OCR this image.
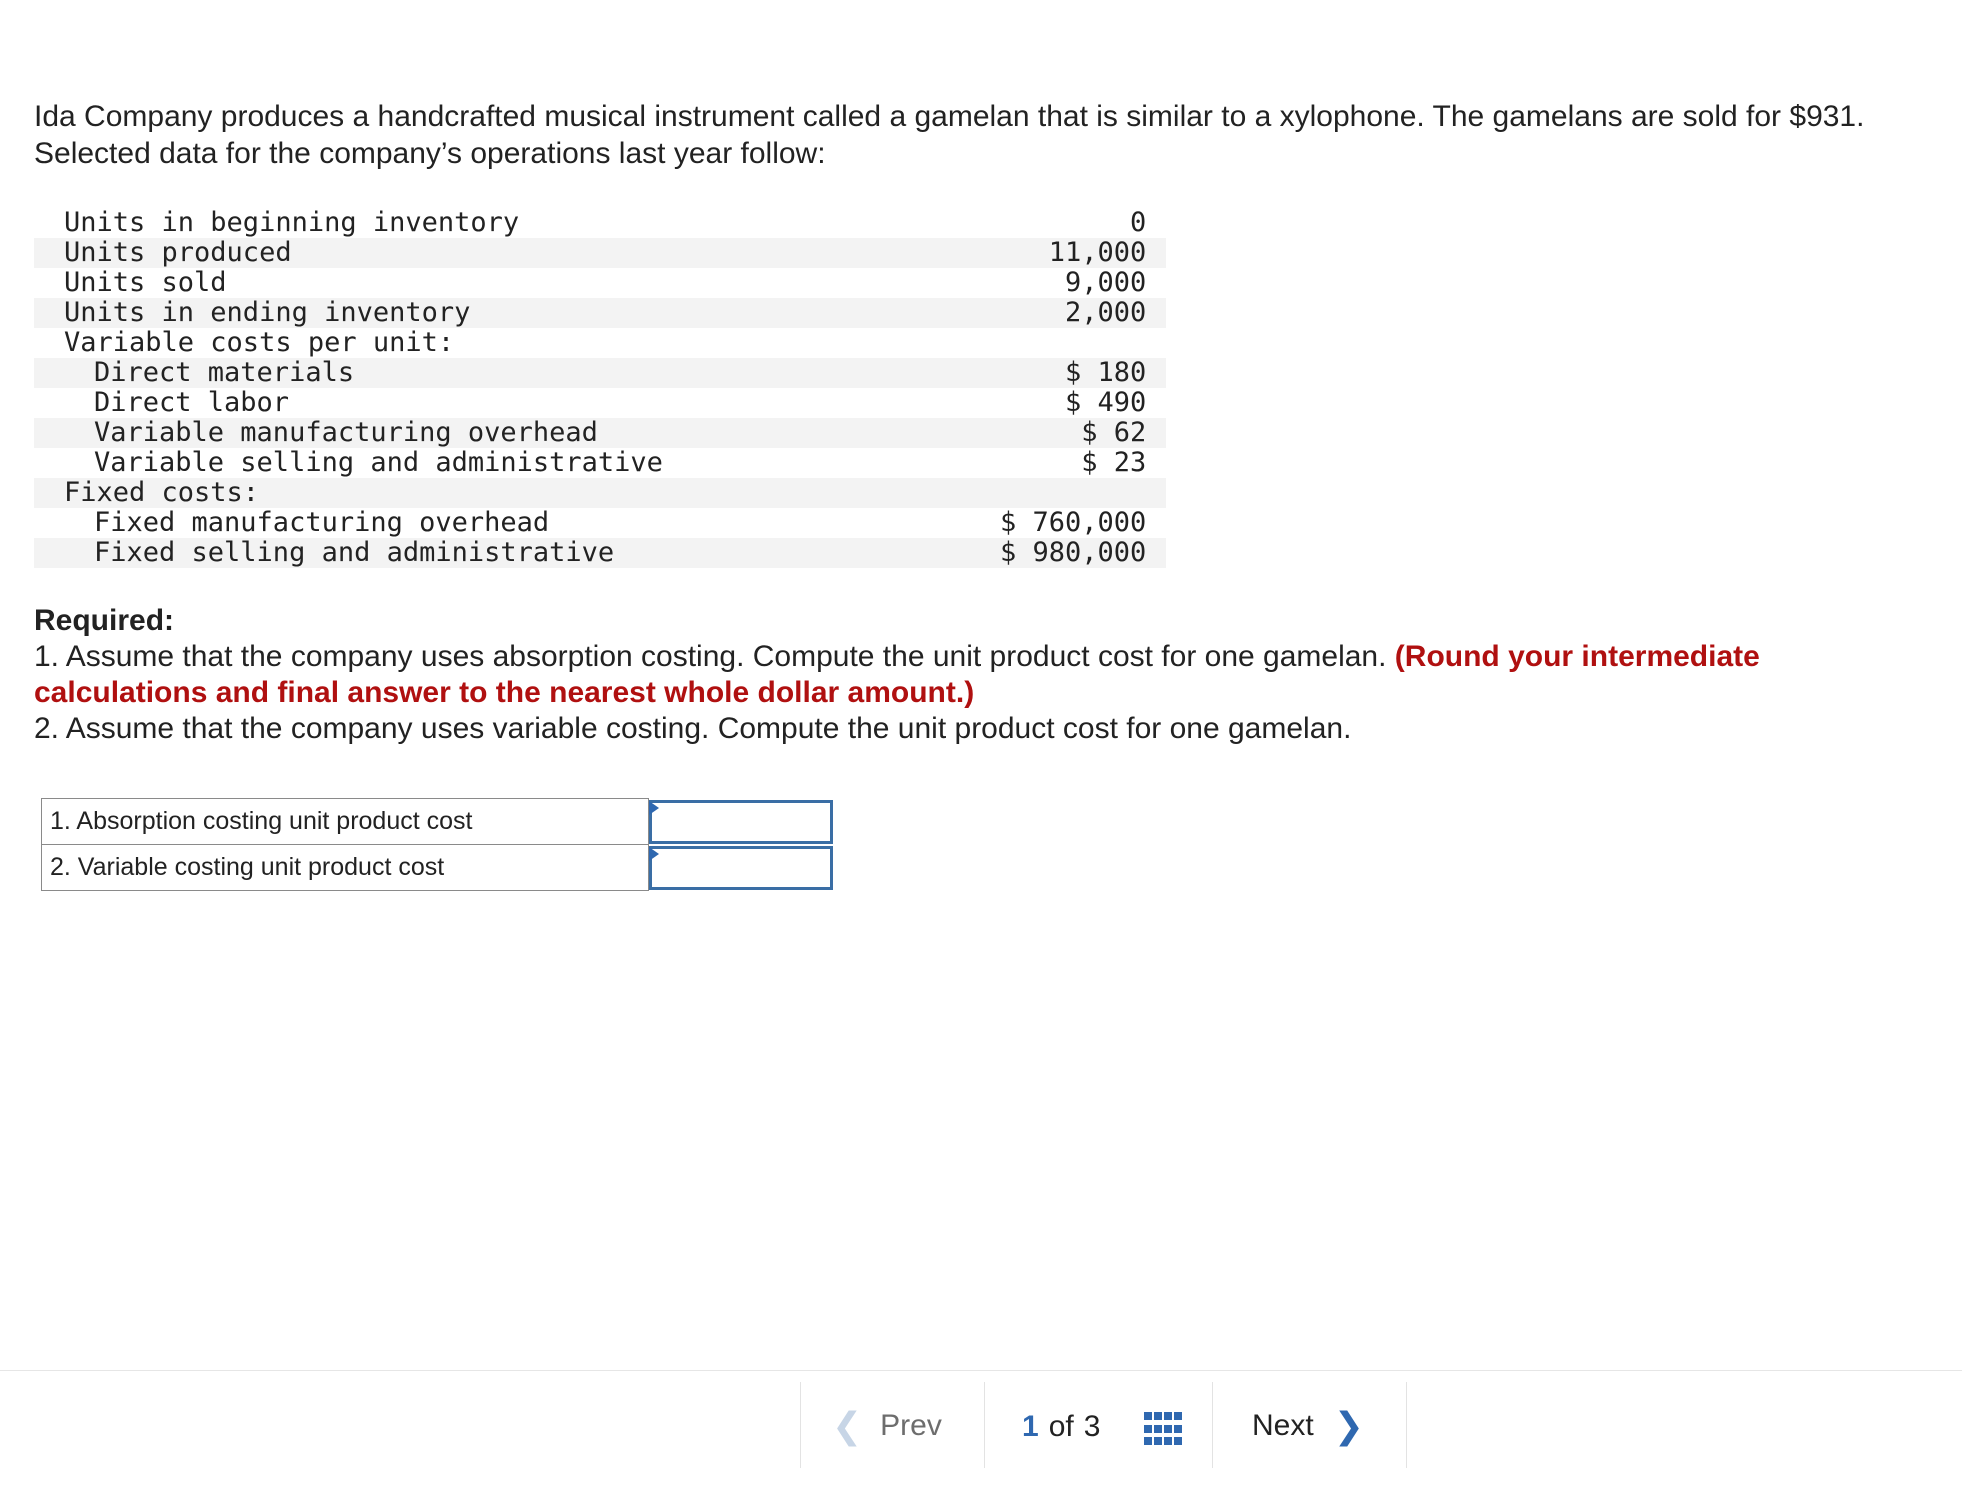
Ida Company produces a handcrafted musical instrument called a gamelan that is similar to a xylophone. The gamelans are sold for $931. Selected data for the company’s operations last year follow:

Units in beginning inventory	0
Units produced	11,000
Units sold	9,000
Units in ending inventory	2,000
Variable costs per unit:	
Direct materials	$ 180
Direct labor	$ 490
Variable manufacturing overhead	$ 62
Variable selling and administrative	$ 23
Fixed costs:	
Fixed manufacturing overhead	$ 760,000
Fixed selling and administrative	$ 980,000
Required:
1. Assume that the company uses absorption costing. Compute the unit product cost for one gamelan. (Round your intermediate calculations and final answer to the nearest whole dollar amount.)
2. Assume that the company uses variable costing. Compute the unit product cost for one gamelan.
1. Absorption costing unit product cost	

2. Variable costing unit product cost	
❮ Prev	1 of 3	Next ❯
